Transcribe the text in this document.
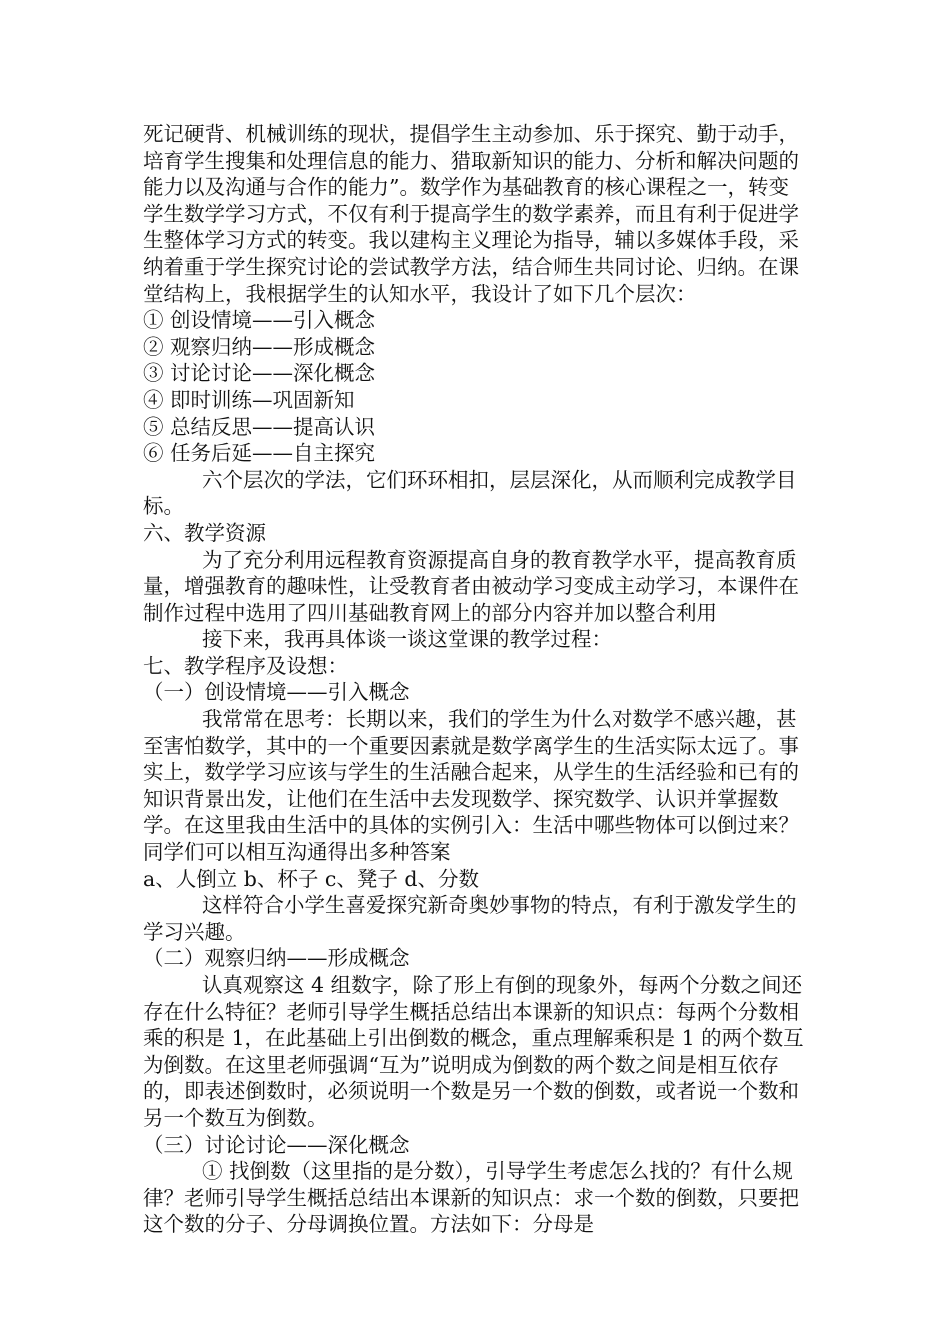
死记硬背、机械训练的现状，提倡学生主动参加、乐于探究、勤于动手，培育学生搜集和处理信息的能力、猎取新知识的能力、分析和解决问题的能力以及沟通与合作的能力”。数学作为基础教育的核心课程之一，转变学生数学学习方式，不仅有利于提高学生的数学素养，而且有利于促进学生整体学习方式的转变。我以建构主义理论为指导，辅以多媒体手段，采纳着重于学生探究讨论的尝试教学方法，结合师生共同讨论、归纳。在课堂结构上，我根据学生的认知水平，我设计了如下几个层次：

① 创设情境——引入概念

② 观察归纳——形成概念

③ 讨论讨论——深化概念

④ 即时训练—巩固新知

⑤ 总结反思——提高认识

⑥ 任务后延——自主探究

六个层次的学法，它们环环相扣，层层深化，从而顺利完成教学目标。

六、教学资源

为了充分利用远程教育资源提高自身的教育教学水平，提高教育质量，增强教育的趣味性，让受教育者由被动学习变成主动学习，本课件在制作过程中选用了四川基础教育网上的部分内容并加以整合利用

接下来，我再具体谈一谈这堂课的教学过程：

七、教学程序及设想：

（一）创设情境——引入概念

我常常在思考：长期以来，我们的学生为什么对数学不感兴趣，甚至害怕数学，其中的一个重要因素就是数学离学生的生活实际太远了。事实上，数学学习应该与学生的生活融合起来，从学生的生活经验和已有的知识背景出发，让他们在生活中去发现数学、探究数学、认识并掌握数学。在这里我由生活中的具体的实例引入：生活中哪些物体可以倒过来？同学们可以相互沟通得出多种答案

a、人倒立 b、杯子 c、凳子 d、分数

这样符合小学生喜爱探究新奇奥妙事物的特点，有利于激发学生的学习兴趣。

（二）观察归纳——形成概念

认真观察这 4 组数字，除了形上有倒的现象外，每两个分数之间还存在什么特征？老师引导学生概括总结出本课新的知识点：每两个分数相乘的积是 1，在此基础上引出倒数的概念，重点理解乘积是 1 的两个数互为倒数。在这里老师强调“互为”说明成为倒数的两个数之间是相互依存的，即表述倒数时，必须说明一个数是另一个数的倒数，或者说一个数和另一个数互为倒数。

（三）讨论讨论——深化概念

① 找倒数（这里指的是分数），引导学生考虑怎么找的？有什么规律？老师引导学生概括总结出本课新的知识点：求一个数的倒数，只要把这个数的分子、分母调换位置。方法如下：分母是
